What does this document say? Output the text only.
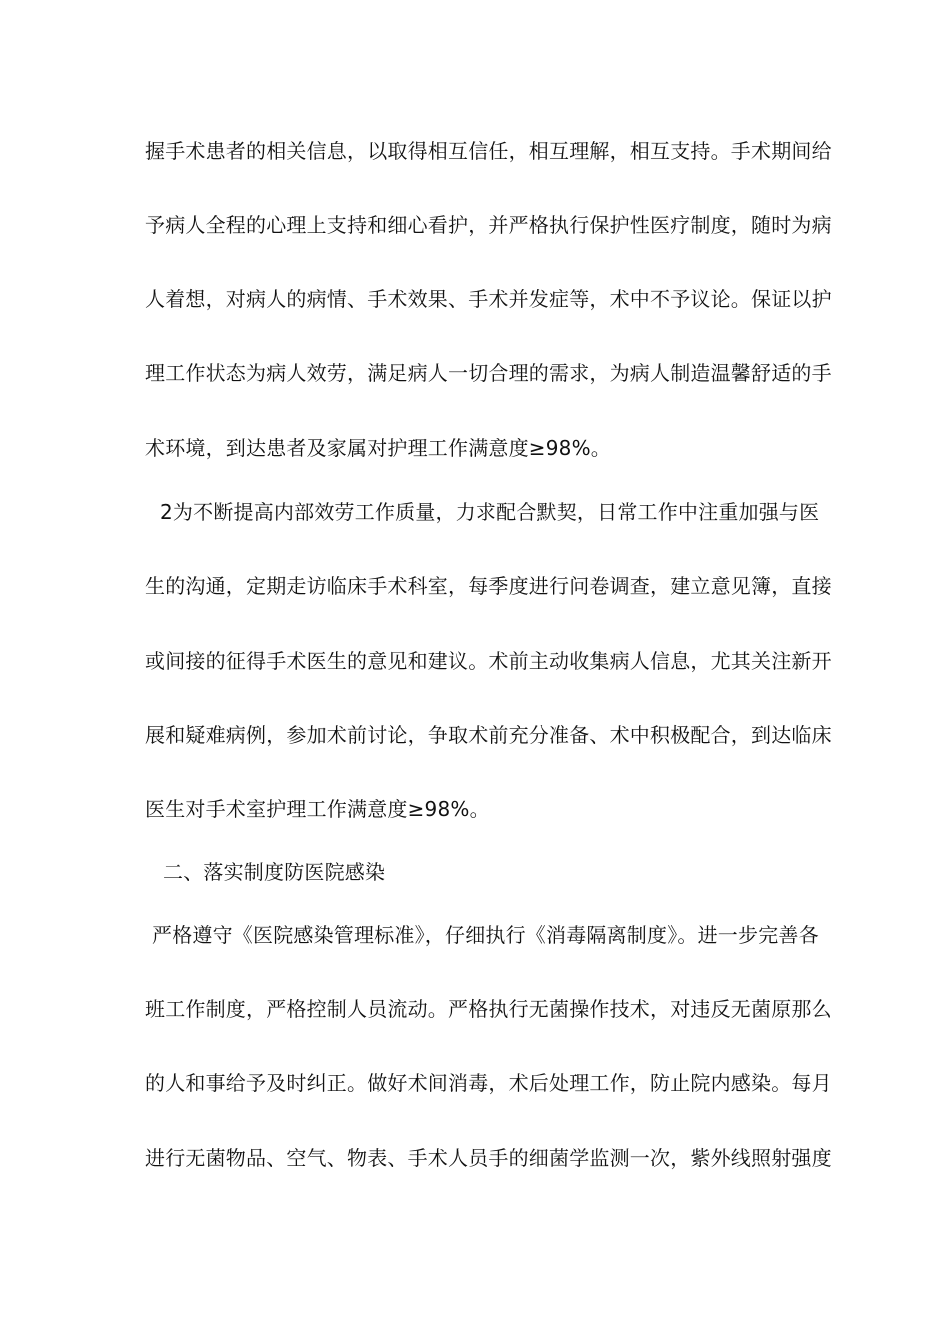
握手术患者的相关信息，以取得相互信任，相互理解，相互支持。手术期间给
予病人全程的心理上支持和细心看护，并严格执行保护性医疗制度，随时为病
人着想，对病人的病情、手术效果、手术并发症等，术中不予议论。保证以护
理工作状态为病人效劳，满足病人一切合理的需求，为病人制造温馨舒适的手
术环境，到达患者及家属对护理工作满意度≥98%。
2为不断提高内部效劳工作质量，力求配合默契，日常工作中注重加强与医
生的沟通，定期走访临床手术科室，每季度进行问卷调查，建立意见簿，直接
或间接的征得手术医生的意见和建议。术前主动收集病人信息，尤其关注新开
展和疑难病例，参加术前讨论，争取术前充分准备、术中积极配合，到达临床
医生对手术室护理工作满意度≥98%。
二、落实制度防医院感染
严格遵守《医院感染管理标准》，仔细执行《消毒隔离制度》。进一步完善各
班工作制度，严格控制人员流动。严格执行无菌操作技术，对违反无菌原那么
的人和事给予及时纠正。做好术间消毒，术后处理工作，防止院内感染。每月
进行无菌物品、空气、物表、手术人员手的细菌学监测一次，紫外线照射强度
